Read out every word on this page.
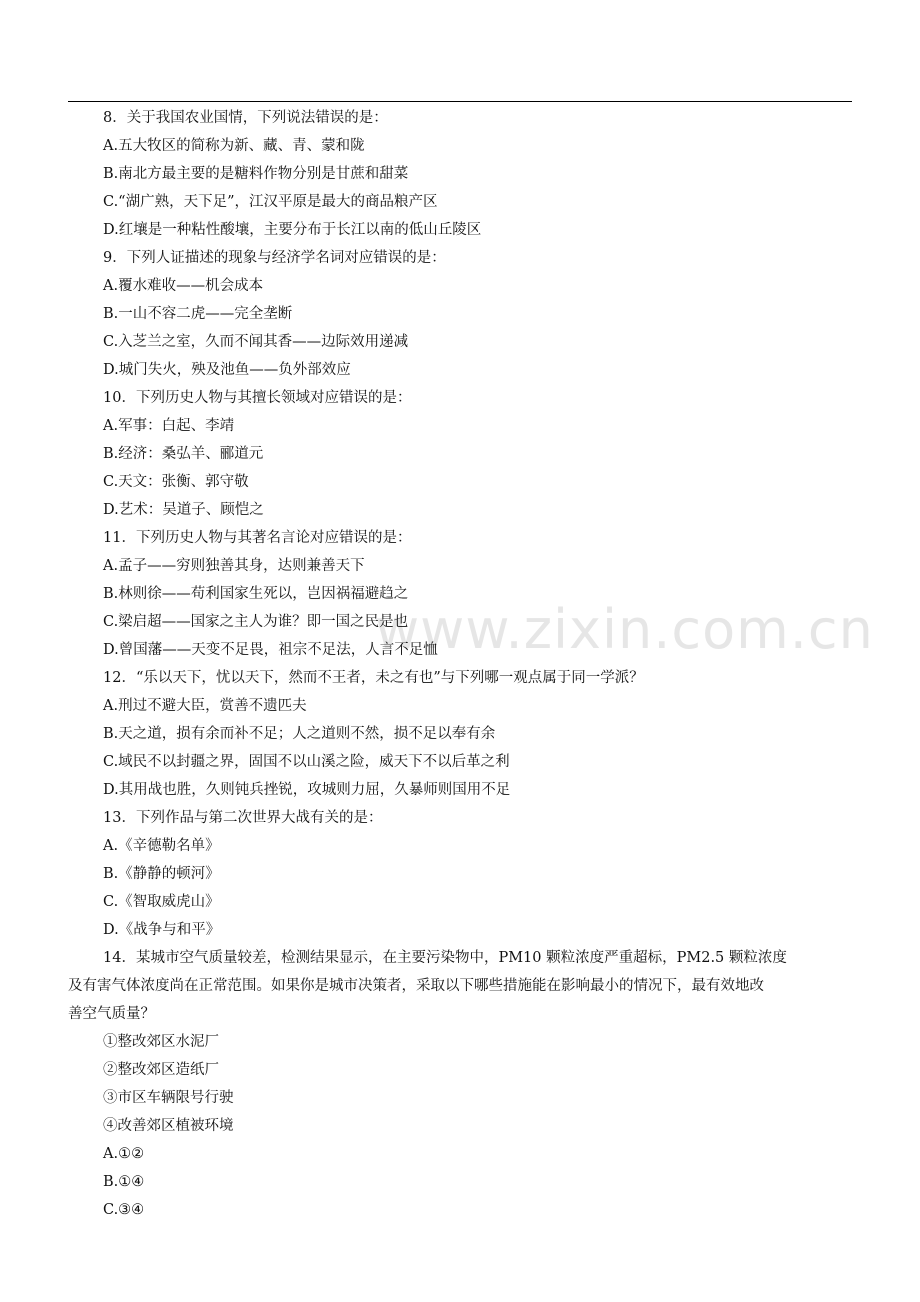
www.zixin.com.cn
8．关于我国农业国情，下列说法错误的是：
A.五大牧区的简称为新、藏、青、蒙和陇
B.南北方最主要的是糖料作物分别是甘蔗和甜菜
C.“湖广熟，天下足”，江汉平原是最大的商品粮产区
D.红壤是一种粘性酸壤，主要分布于长江以南的低山丘陵区
9．下列人证描述的现象与经济学名词对应错误的是：
A.覆水难收——机会成本
B.一山不容二虎——完全垄断
C.入芝兰之室，久而不闻其香——边际效用递减
D.城门失火，殃及池鱼——负外部效应
10．下列历史人物与其擅长领域对应错误的是：
A.军事：白起、李靖
B.经济：桑弘羊、郦道元
C.天文：张衡、郭守敬
D.艺术：吴道子、顾恺之
11．下列历史人物与其著名言论对应错误的是：
A.孟子——穷则独善其身，达则兼善天下
B.林则徐——苟利国家生死以，岂因祸福避趋之
C.梁启超——国家之主人为谁？即一国之民是也
D.曾国藩——天变不足畏，祖宗不足法，人言不足恤
12．“乐以天下，忧以天下，然而不王者，未之有也”与下列哪一观点属于同一学派？
A.刑过不避大臣，赏善不遗匹夫
B.天之道，损有余而补不足；人之道则不然，损不足以奉有余
C.域民不以封疆之界，固国不以山溪之险，威天下不以后革之利
D.其用战也胜，久则钝兵挫锐，攻城则力屈，久暴师则国用不足
13．下列作品与第二次世界大战有关的是：
A.《辛德勒名单》
B.《静静的顿河》
C.《智取威虎山》
D.《战争与和平》
14．某城市空气质量较差，检测结果显示，在主要污染物中，PM10 颗粒浓度严重超标，PM2.5 颗粒浓度
及有害气体浓度尚在正常范围。如果你是城市决策者，采取以下哪些措施能在影响最小的情况下，最有效地改
善空气质量？
①整改郊区水泥厂
②整改郊区造纸厂
③市区车辆限号行驶
④改善郊区植被环境
A.①②
B.①④
C.③④
